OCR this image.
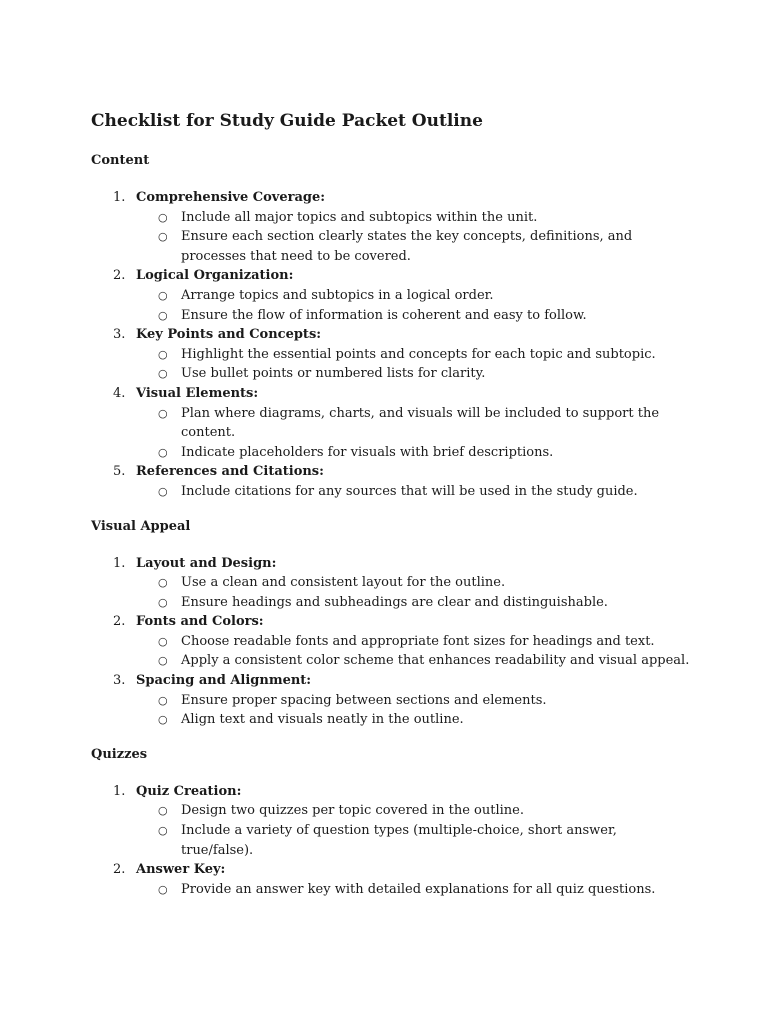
Checklist for Study Guide Packet Outline
Content
1. Comprehensive Coverage:
○ Include all major topics and subtopics within the unit.
○ Ensure each section clearly states the key concepts, definitions, and processes that need to be covered.
2. Logical Organization:
○ Arrange topics and subtopics in a logical order.
○ Ensure the flow of information is coherent and easy to follow.
3. Key Points and Concepts:
○ Highlight the essential points and concepts for each topic and subtopic.
○ Use bullet points or numbered lists for clarity.
4. Visual Elements:
○ Plan where diagrams, charts, and visuals will be included to support the content.
○ Indicate placeholders for visuals with brief descriptions.
5. References and Citations:
○ Include citations for any sources that will be used in the study guide.
Visual Appeal
1. Layout and Design:
○ Use a clean and consistent layout for the outline.
○ Ensure headings and subheadings are clear and distinguishable.
2. Fonts and Colors:
○ Choose readable fonts and appropriate font sizes for headings and text.
○ Apply a consistent color scheme that enhances readability and visual appeal.
3. Spacing and Alignment:
○ Ensure proper spacing between sections and elements.
○ Align text and visuals neatly in the outline.
Quizzes
1. Quiz Creation:
○ Design two quizzes per topic covered in the outline.
○ Include a variety of question types (multiple-choice, short answer, true/false).
2. Answer Key:
○ Provide an answer key with detailed explanations for all quiz questions.
